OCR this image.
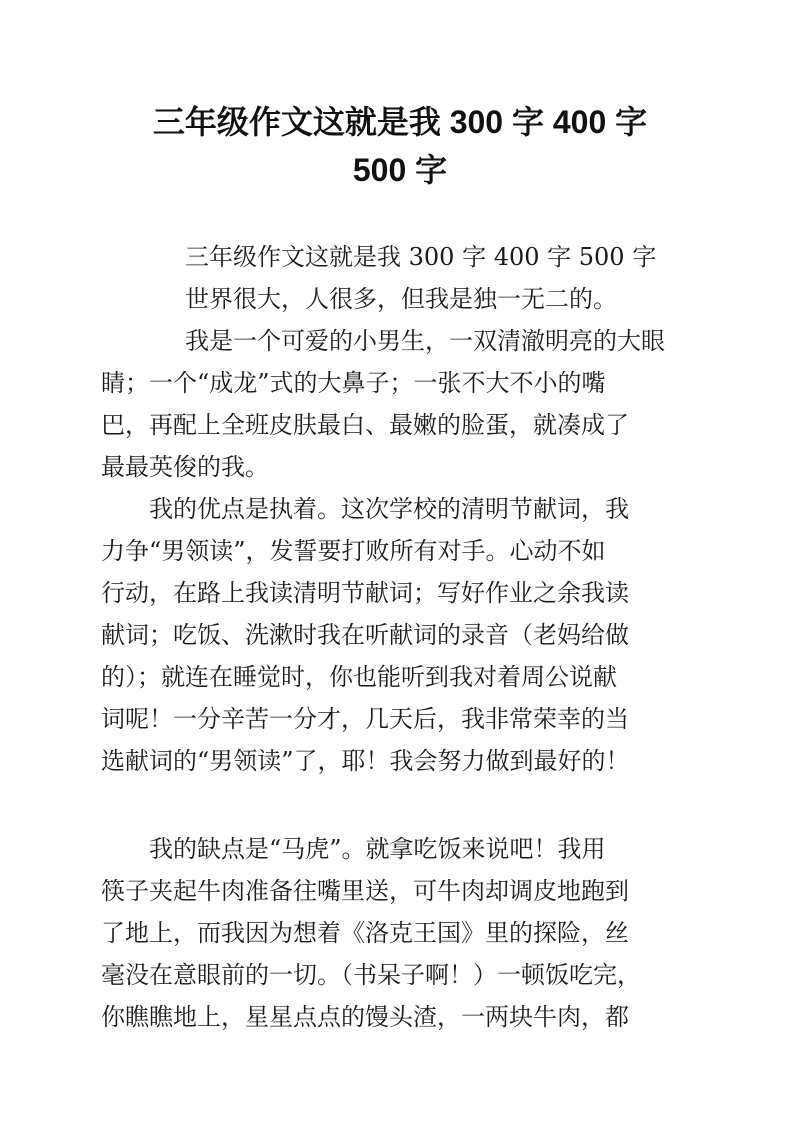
三年级作文这就是我 300 字 400 字
500 字
三年级作文这就是我 300 字 400 字 500 字
世界很大，人很多，但我是独一无二的。
我是一个可爱的小男生，一双清澈明亮的大眼
睛；一个“成龙”式的大鼻子；一张不大不小的嘴
巴，再配上全班皮肤最白、最嫩的脸蛋，就凑成了
最最英俊的我。
我的优点是执着。这次学校的清明节献词，我
力争“男领读”，发誓要打败所有对手。心动不如
行动，在路上我读清明节献词；写好作业之余我读
献词；吃饭、洗漱时我在听献词的录音（老妈给做
的）；就连在睡觉时，你也能听到我对着周公说献
词呢！一分辛苦一分才，几天后，我非常荣幸的当
选献词的“男领读”了，耶！我会努力做到最好的！
我的缺点是“马虎”。就拿吃饭来说吧！我用
筷子夹起牛肉准备往嘴里送，可牛肉却调皮地跑到
了地上，而我因为想着《洛克王国》里的探险，丝
毫没在意眼前的一切。（书呆子啊！）一顿饭吃完，
你瞧瞧地上，星星点点的馒头渣，一两块牛肉，都
